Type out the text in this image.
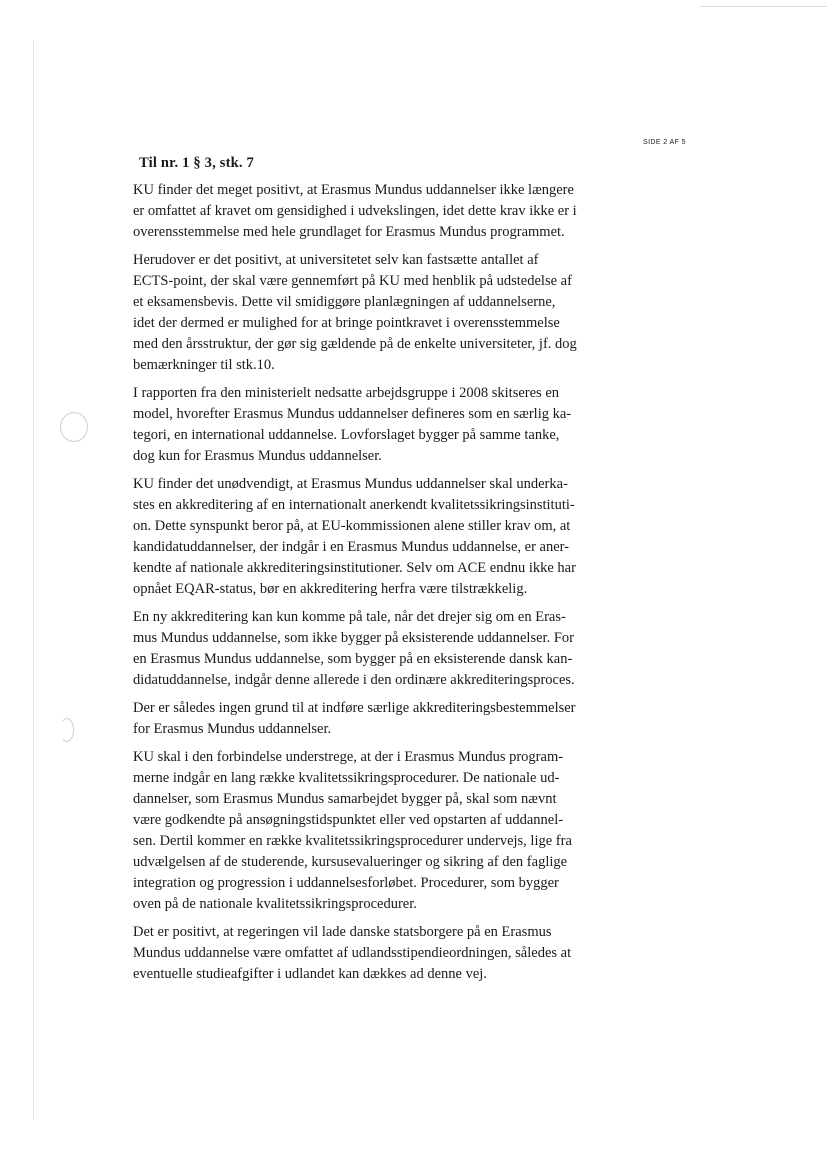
SIDE 2 AF 5

Til nr. 1 § 3, stk. 7

KU finder det meget positivt, at Erasmus Mundus uddannelser ikke længere
er omfattet af kravet om gensidighed i udvekslingen, idet dette krav ikke er i
overensstemmelse med hele grundlaget for Erasmus Mundus programmet.

Herudover er det positivt, at universitetet selv kan fastsætte antallet af
ECTS-point, der skal være gennemført på KU med henblik på udstedelse af
et eksamensbevis. Dette vil smidiggøre planlægningen af uddannelserne,
idet der dermed er mulighed for at bringe pointkravet i overensstemmelse
med den årsstruktur, der gør sig gældende på de enkelte universiteter, jf. dog
bemærkninger til stk.10.

I rapporten fra den ministerielt nedsatte arbejdsgruppe i 2008 skitseres en
model, hvorefter Erasmus Mundus uddannelser defineres som en særlig ka-
tegori, en international uddannelse. Lovforslaget bygger på samme tanke,
dog kun for Erasmus Mundus uddannelser.

KU finder det unødvendigt, at Erasmus Mundus uddannelser skal underka-
stes en akkreditering af en internationalt anerkendt kvalitetssikringsinstituti-
on. Dette synspunkt beror på, at EU-kommissionen alene stiller krav om, at
kandidatuddannelser, der indgår i en Erasmus Mundus uddannelse, er aner-
kendte af nationale akkrediteringsinstitutioner. Selv om ACE endnu ikke har
opnået EQAR-status, bør en akkreditering herfra være tilstrækkelig.

En ny akkreditering kan kun komme på tale, når det drejer sig om en Eras-
mus Mundus uddannelse, som ikke bygger på eksisterende uddannelser. For
en Erasmus Mundus uddannelse, som bygger på en eksisterende dansk kan-
didatuddannelse, indgår denne allerede i den ordinære akkrediteringsproces.

Der er således ingen grund til at indføre særlige akkrediteringsbestemmelser
for Erasmus Mundus uddannelser.

KU skal i den forbindelse understrege, at der i Erasmus Mundus program-
merne indgår en lang række kvalitetssikringsprocedurer. De nationale ud-
dannelser, som Erasmus Mundus samarbejdet bygger på, skal som nævnt
være godkendte på ansøgningstidspunktet eller ved opstarten af uddannel-
sen. Dertil kommer en række kvalitetssikringsprocedurer undervejs, lige fra
udvælgelsen af de studerende, kursusevalueringer og sikring af den faglige
integration og progression i uddannelsesforløbet. Procedurer, som bygger
oven på de nationale kvalitetssikringsprocedurer.

Det er positivt, at regeringen vil lade danske statsborgere på en Erasmus
Mundus uddannelse være omfattet af udlandsstipendieordningen, således at
eventuelle studieafgifter i udlandet kan dækkes ad denne vej.
